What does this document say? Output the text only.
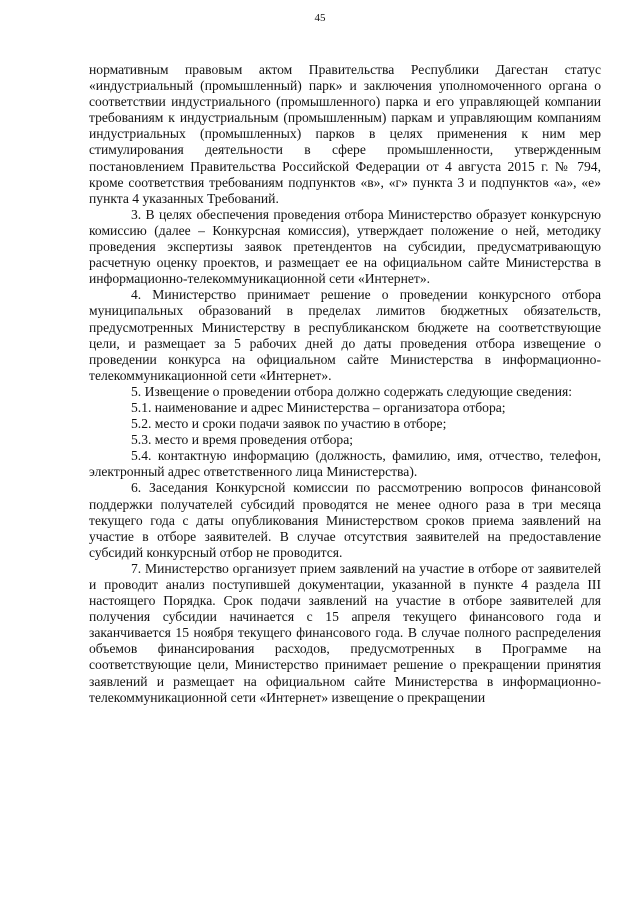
45

нормативным правовым актом Правительства Республики Дагестан статус «индустриальный (промышленный) парк» и заключения уполномоченного органа о соответствии индустриального (промышленного) парка и его управляющей компании требованиям к индустриальным (промышленным) паркам и управляющим компаниям индустриальных (промышленных) парков в целях применения к ним мер стимулирования деятельности в сфере промышленности, утвержденным постановлением Правительства Российской Федерации от 4 августа 2015 г. № 794, кроме соответствия требованиям подпунктов «в», «г» пункта 3 и подпунктов «а», «е» пункта 4 указанных Требований.

3. В целях обеспечения проведения отбора Министерство образует конкурсную комиссию (далее – Конкурсная комиссия), утверждает положение о ней, методику проведения экспертизы заявок претендентов на субсидии, предусматривающую расчетную оценку проектов, и размещает ее на официальном сайте Министерства в информационно-телекоммуникационной сети «Интернет».

4. Министерство принимает решение о проведении конкурсного отбора муниципальных образований в пределах лимитов бюджетных обязательств, предусмотренных Министерству в республиканском бюджете на соответствующие цели, и размещает за 5 рабочих дней до даты проведения отбора извещение о проведении конкурса на официальном сайте Министерства в информационно-телекоммуникационной сети «Интернет».

5. Извещение о проведении отбора должно содержать следующие сведения:

5.1. наименование и адрес Министерства – организатора отбора;

5.2. место и сроки подачи заявок по участию в отборе;

5.3. место и время проведения отбора;

5.4. контактную информацию (должность, фамилию, имя, отчество, телефон, электронный адрес ответственного лица Министерства).

6. Заседания Конкурсной комиссии по рассмотрению вопросов финансовой поддержки получателей субсидий проводятся не менее одного раза в три месяца текущего года с даты опубликования Министерством сроков приема заявлений на участие в отборе заявителей. В случае отсутствия заявителей на предоставление субсидий конкурсный отбор не проводится.

7. Министерство организует прием заявлений на участие в отборе от заявителей и проводит анализ поступившей документации, указанной в пункте 4 раздела III настоящего Порядка. Срок подачи заявлений на участие в отборе заявителей для получения субсидии начинается с 15 апреля текущего финансового года и заканчивается 15 ноября текущего финансового года. В случае полного распределения объемов финансирования расходов, предусмотренных в Программе на соответствующие цели, Министерство принимает решение о прекращении принятия заявлений и размещает на официальном сайте Министерства в информационно-телекоммуникационной сети «Интернет» извещение о прекращении
